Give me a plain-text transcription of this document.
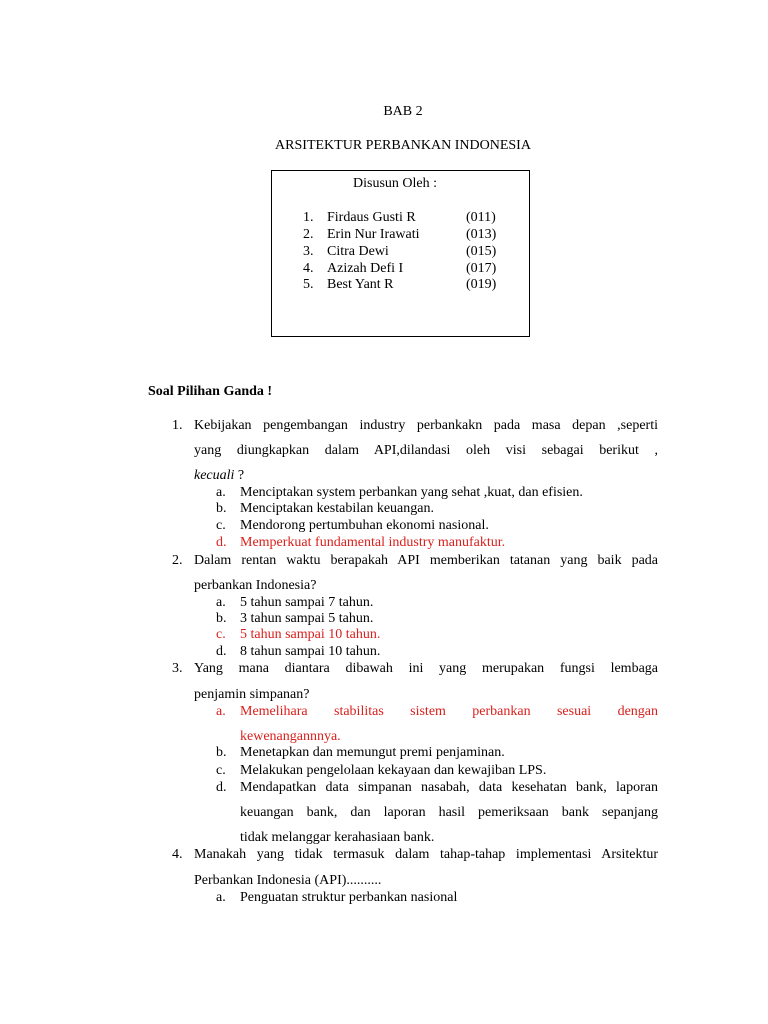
BAB 2
ARSITEKTUR PERBANKAN INDONESIA
Disusun Oleh :
1. Firdaus Gusti R	(011)
2. Erin Nur Irawati	(013)
3. Citra Dewi	(015)
4. Azizah Defi I	(017)
5. Best Yant R	(019)
Soal Pilihan Ganda !
1. Kebijakan pengembangan industry perbankakn pada masa depan ,seperti
yang diungkapkan dalam API,dilandasi oleh visi sebagai berikut ,
kecuali ?
a. Menciptakan system perbankan yang sehat ,kuat, dan efisien.
b. Menciptakan kestabilan keuangan.
c. Mendorong pertumbuhan ekonomi nasional.
d. Memperkuat fundamental industry manufaktur.
2. Dalam rentan waktu berapakah API memberikan tatanan yang baik pada
perbankan Indonesia?
a. 5 tahun sampai 7 tahun.
b. 3 tahun sampai 5 tahun.
c. 5 tahun sampai 10 tahun.
d. 8 tahun sampai 10 tahun.
3. Yang mana diantara dibawah ini yang merupakan fungsi lembaga
penjamin simpanan?
a. Memelihara stabilitas sistem perbankan sesuai dengan
kewenangannnya.
b. Menetapkan dan memungut premi penjaminan.
c. Melakukan pengelolaan kekayaan dan kewajiban LPS.
d. Mendapatkan data simpanan nasabah, data kesehatan bank, laporan
keuangan bank, dan laporan hasil pemeriksaan bank sepanjang
tidak melanggar kerahasiaan bank.
4. Manakah yang tidak termasuk dalam tahap-tahap implementasi Arsitektur
Perbankan Indonesia (API)..........
a. Penguatan struktur perbankan nasional
